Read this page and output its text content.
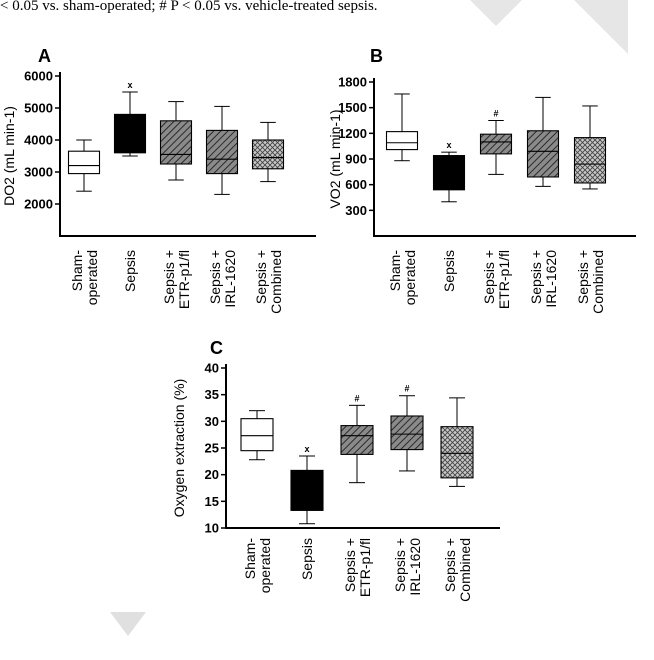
< 0.05 vs. sham-operated; # P < 0.05 vs. vehicle-treated sepsis.
A
2000
3000
4000
5000
6000
DO2 (mL min-1)
x
Sham-operated Sepsis Sepsis +ETR-p1/fl Sepsis +IRL-1620 Sepsis +Combined
B
300
600
900
1200
1500
1800
VO2 (mL min-1)	x
#
Sham-operated Sepsis Sepsis +ETR-p1/fl Sepsis +IRL-1620 Sepsis +Combined
C
10
15
20
25
30
35
40
Oxygen extraction (%)	x
#
#
Sham-operated Sepsis Sepsis +ETR-p1/fl Sepsis +IRL-1620 Sepsis +Combined
